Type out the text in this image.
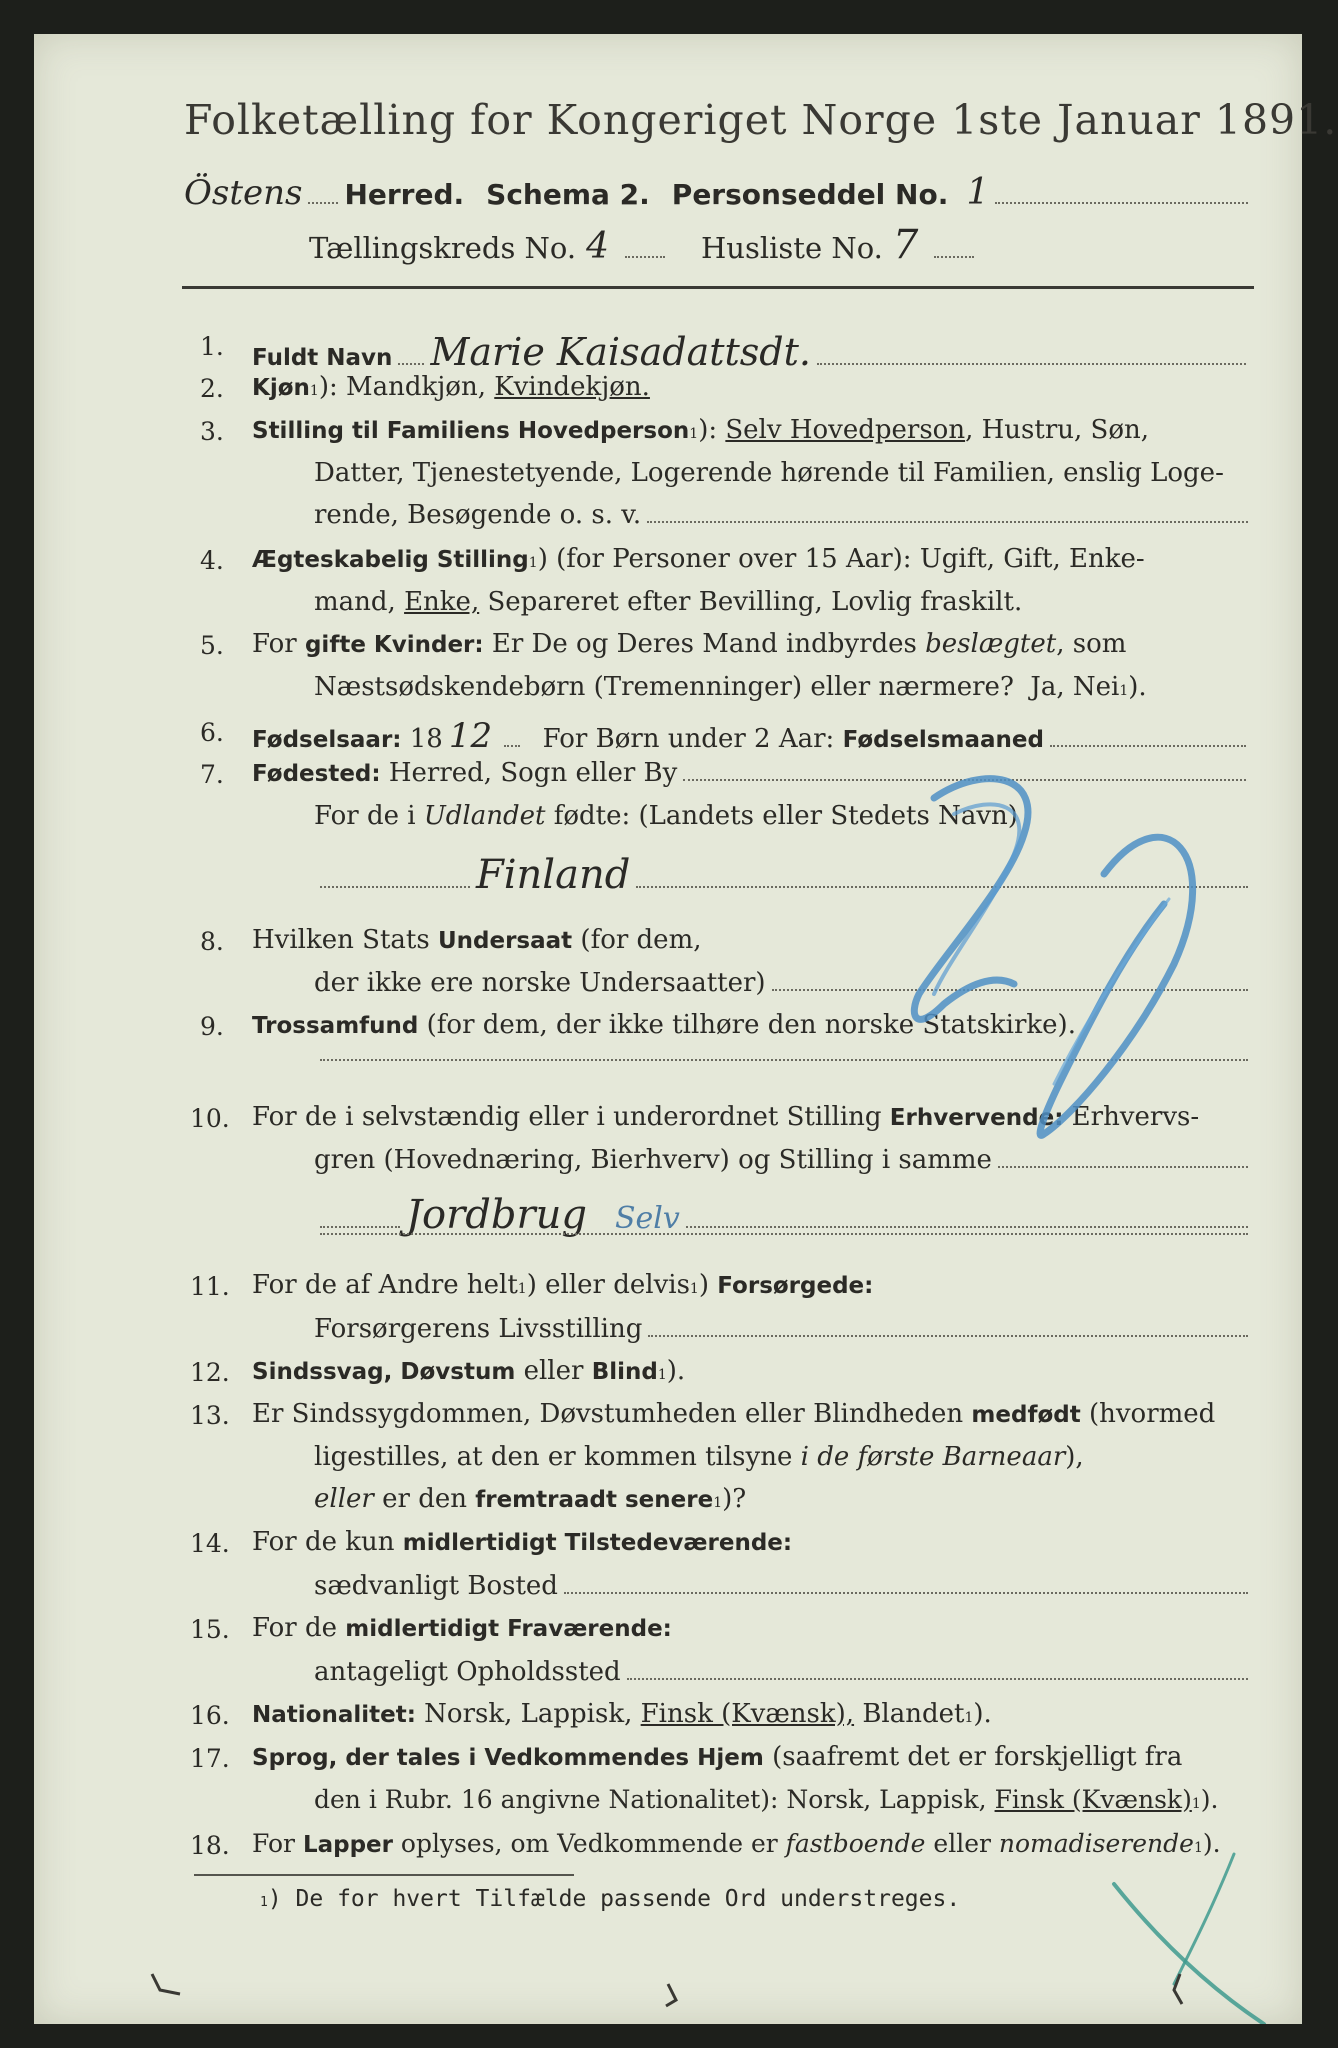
Folketælling for Kongeriget Norge 1ste Januar 1891.
Östens Herred. Schema 2. Personseddel No. 1
Tællingskreds No. 4	Husliste No. 7
1. Fuldt Navn Marie Kaisadattsdt.
2. Kjøn 1 ): Mandkjøn, Kvindekjøn.
3. Stilling til Familiens Hovedperson 1 ): Selv Hovedperson , Hustru, Søn,
Datter, Tjenestetyende, Logerende hørende til Familien, enslig Loge-
rende, Besøgende o. s. v.
4. Ægteskabelig Stilling 1 ) (for Personer over 15 Aar): Ugift, Gift, Enke-
mand, Enke, Separeret efter Bevilling, Lovlig fraskilt.
5. For gifte Kvinder: Er De og Deres Mand indbyrdes beslægtet , som
Næstsødskendebørn (Tremenninger) eller nærmere?  Ja, Nei 1 ).
6. Fødselsaar: 18 12 For Børn under 2 Aar: Fødselsmaaned
7. Fødested: Herred, Sogn eller By
For de i Udlandet fødte: (Landets eller Stedets Navn)
Finland
8. Hvilken Stats Undersaat (for dem,
der ikke ere norske Undersaatter)
9. Trossamfund (for dem, der ikke tilhøre den norske Statskirke).
10. For de i selvstændig eller i underordnet Stilling Erhvervende: Erhvervs-
gren (Hovednæring, Bierhverv) og Stilling i samme
Jordbrug Selv
11. For de af Andre helt 1 ) eller delvis 1 ) Forsørgede:
Forsørgerens Livsstilling
12. Sindssvag, Døvstum eller Blind 1 ).
13. Er Sindssygdommen, Døvstumheden eller Blindheden medfødt (hvormed
ligestilles, at den er kommen tilsyne i de første Barneaar ),
eller er den fremtraadt senere 1 )?
14. For de kun midlertidigt Tilstedeværende:
sædvanligt Bosted
15. For de midlertidigt Fraværende:
antageligt Opholdssted
16. Nationalitet: Norsk, Lappisk, Finsk (Kvænsk), Blandet 1 ).
17. Sprog, der tales i Vedkommendes Hjem (saafremt det er forskjelligt fra
den i Rubr. 16 angivne Nationalitet): Norsk, Lappisk, Finsk (Kvænsk) 1 ).
18. For Lapper oplyses, om Vedkommende er fastboende eller nomadiserende 1 ).
1 ) De for hvert Tilfælde passende Ord understreges.
